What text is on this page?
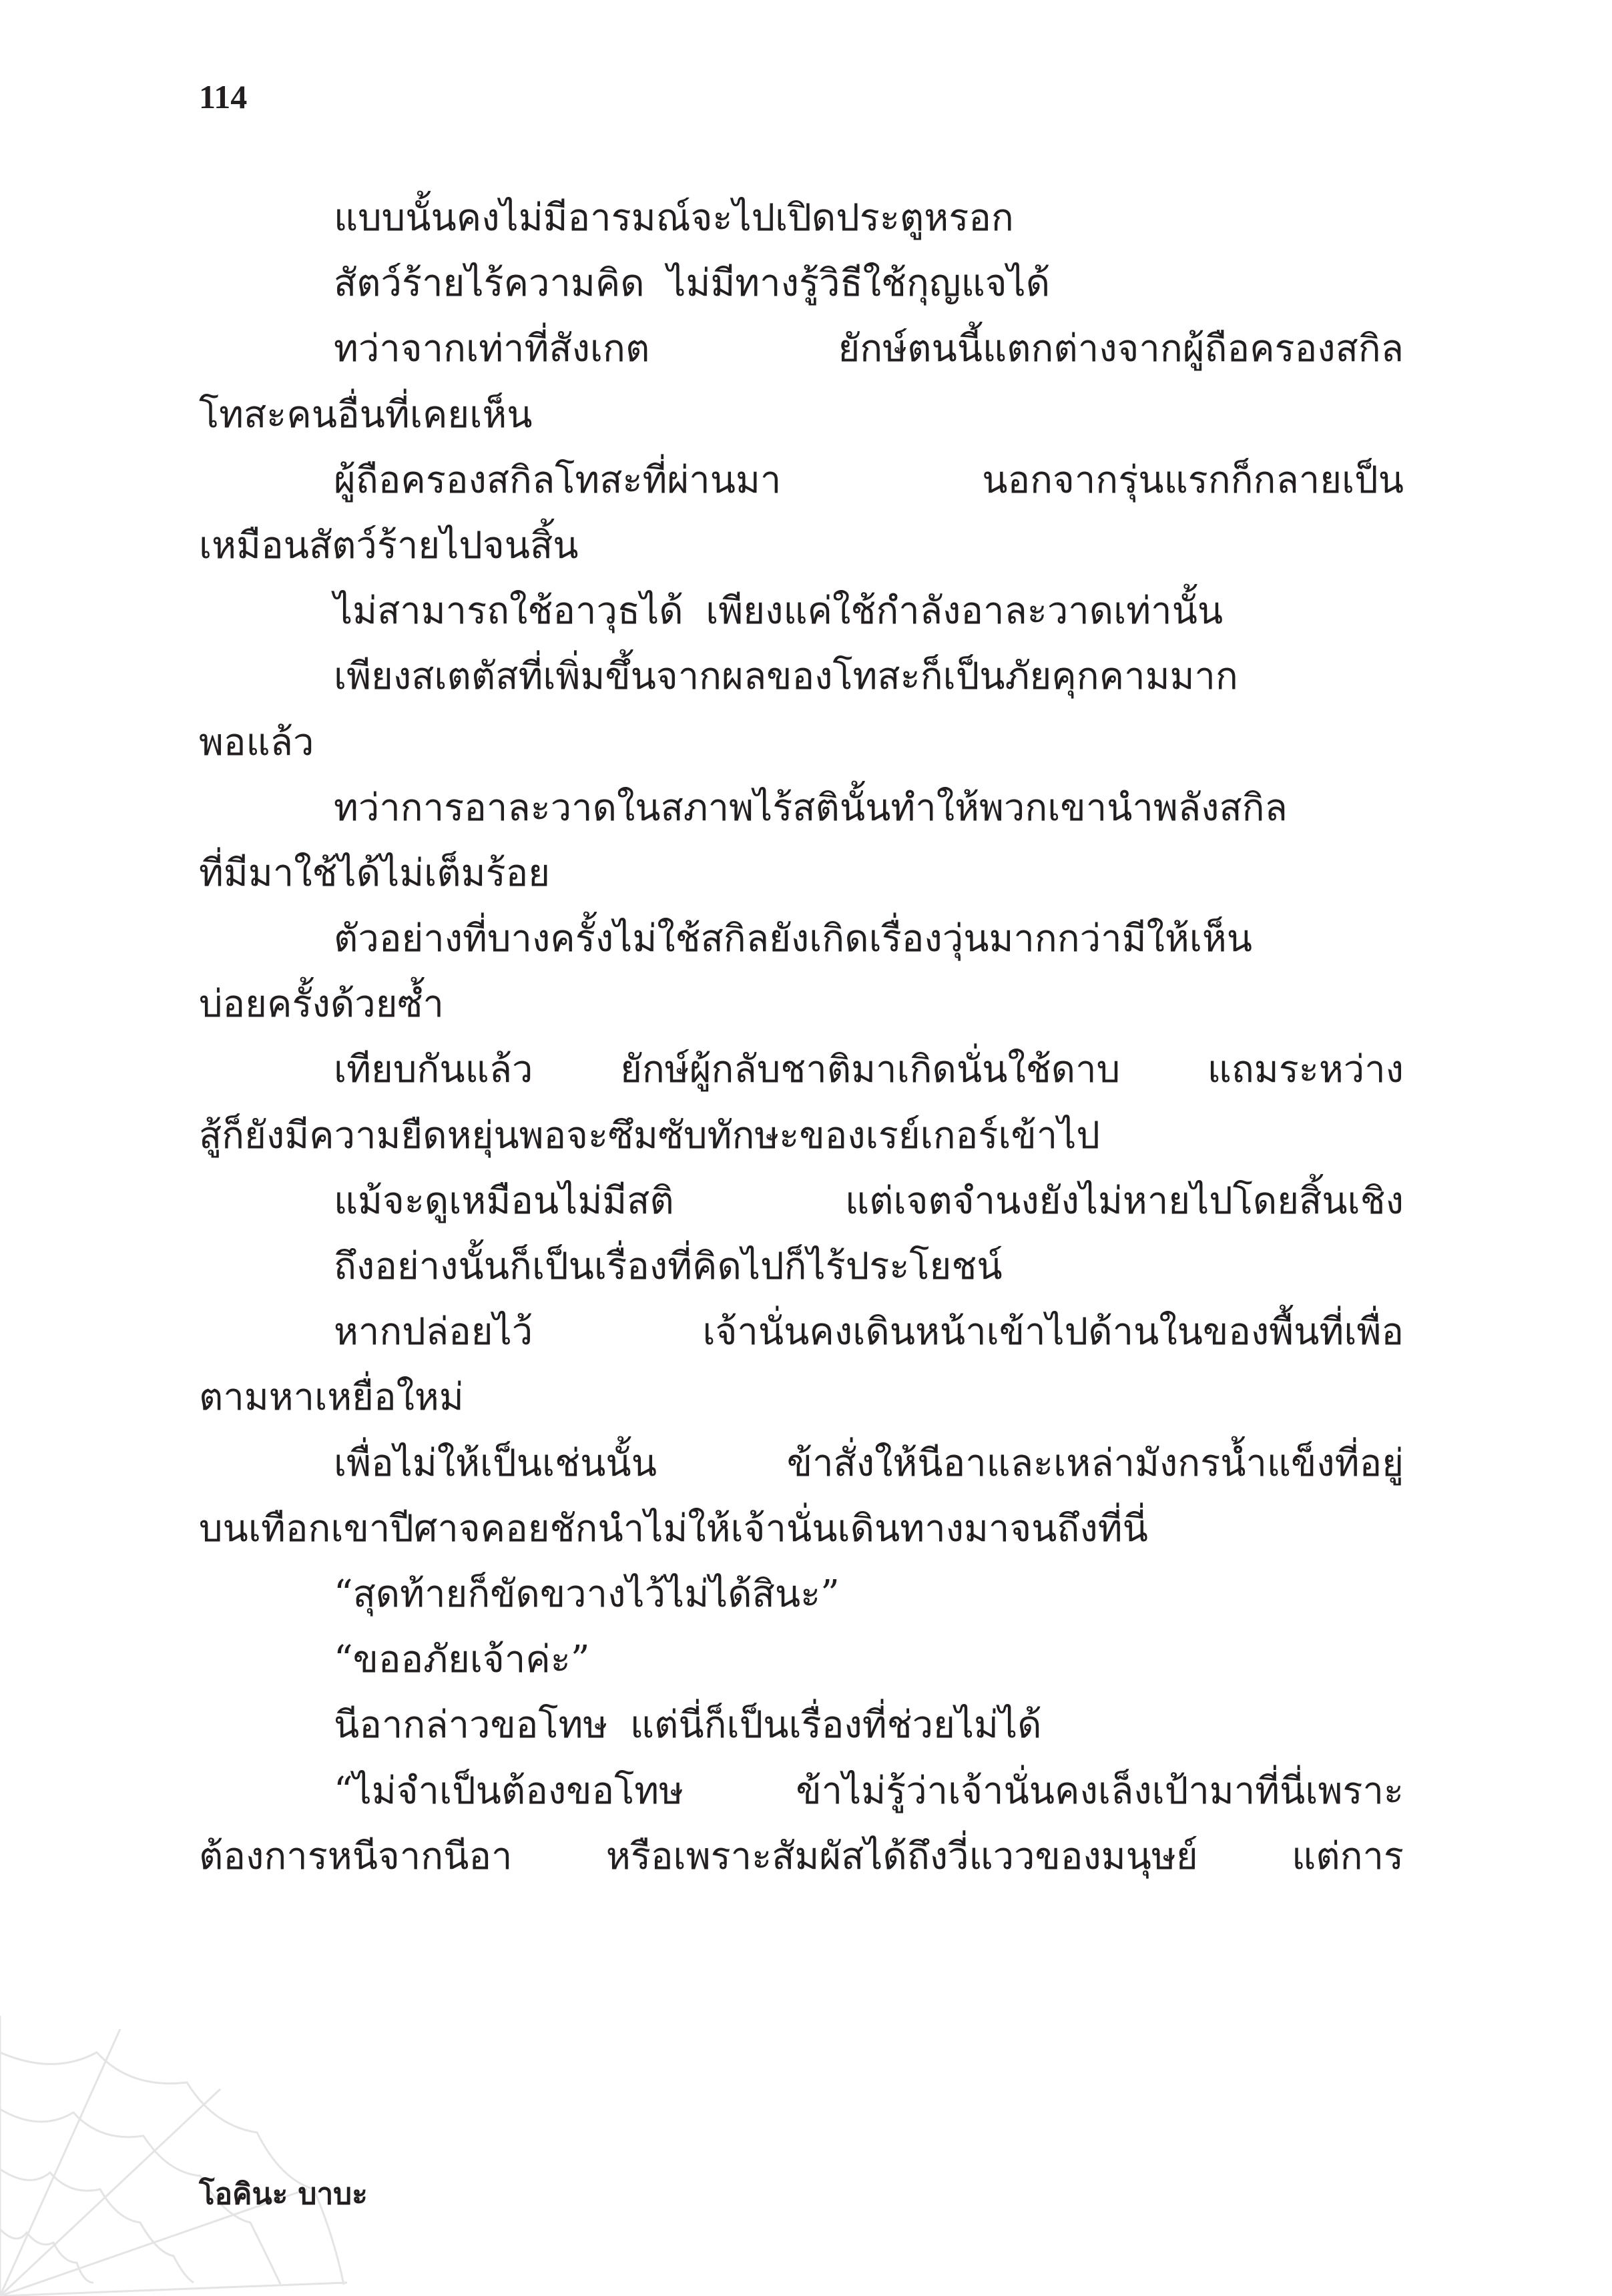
114
แบบนั้นคงไม่มีอารมณ์จะไปเปิดประตูหรอก
สัตว์ร้ายไร้ความคิด ไม่มีทางรู้วิธีใช้กุญแจได้
ทว่าจากเท่าที่สังเกต	ยักษ์ตนนี้แตกต่างจากผู้ถือครองสกิล
โทสะคนอื่นที่เคยเห็น
ผู้ถือครองสกิลโทสะที่ผ่านมา	นอกจากรุ่นแรกก็กลายเป็น
เหมือนสัตว์ร้ายไปจนสิ้น
ไม่สามารถใช้อาวุธได้ เพียงแค่ใช้กำลังอาละวาดเท่านั้น
เพียงสเตตัสที่เพิ่มขึ้นจากผลของโทสะก็เป็นภัยคุกคามมาก
พอแล้ว
ทว่าการอาละวาดในสภาพไร้สตินั้นทำให้พวกเขานำพลังสกิล
ที่มีมาใช้ได้ไม่เต็มร้อย
ตัวอย่างที่บางครั้งไม่ใช้สกิลยังเกิดเรื่องวุ่นมากกว่ามีให้เห็น
บ่อยครั้งด้วยซ้ำ
เทียบกันแล้ว ยักษ์ผู้กลับชาติมาเกิดนั่นใช้ดาบ แถมระหว่าง
สู้ก็ยังมีความยืดหยุ่นพอจะซึมซับทักษะของเรย์เกอร์เข้าไป
แม้จะดูเหมือนไม่มีสติ	แต่เจตจำนงยังไม่หายไปโดยสิ้นเชิง
ถึงอย่างนั้นก็เป็นเรื่องที่คิดไปก็ไร้ประโยชน์
หากปล่อยไว้	เจ้านั่นคงเดินหน้าเข้าไปด้านในของพื้นที่เพื่อ
ตามหาเหยื่อใหม่
เพื่อไม่ให้เป็นเช่นนั้น	ข้าสั่งให้นีอาและเหล่ามังกรน้ำแข็งที่อยู่
บนเทือกเขาปีศาจคอยชักนำไม่ให้เจ้านั่นเดินทางมาจนถึงที่นี่
“สุดท้ายก็ขัดขวางไว้ไม่ได้สินะ”
“ขออภัยเจ้าค่ะ”
นีอากล่าวขอโทษ แต่นี่ก็เป็นเรื่องที่ช่วยไม่ได้
“ไม่จำเป็นต้องขอโทษ	ข้าไม่รู้ว่าเจ้านั่นคงเล็งเป้ามาที่นี่เพราะ
ต้องการหนีจากนีอา	หรือเพราะสัมผัสได้ถึงวี่แววของมนุษย์	แต่การ
โอคินะ บาบะ
